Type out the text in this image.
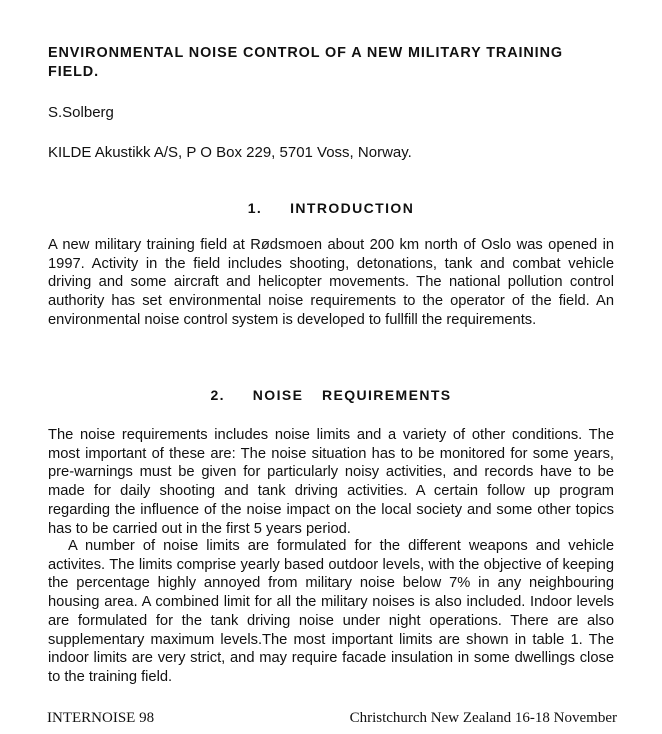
ENVIRONMENTAL NOISE CONTROL OF A NEW MILITARY TRAINING FIELD.
S.Solberg
KILDE Akustikk A/S, P O Box 229, 5701 Voss, Norway.
1.   INTRODUCTION

A new military training field at Rødsmoen about 200 km north of Oslo was opened in 1997. Activity in the field includes shooting, detonations, tank and combat vehicle driving and some aircraft and helicopter movements. The national pollution control authority has set environmental noise requirements to the operator of the field. An environmental noise control system is developed to fullfill the requirements.

2.   NOISE  REQUIREMENTS

The noise requirements includes noise limits and a variety of other conditions. The most important of these are: The noise situation has to be monitored for some years, pre-warnings must be given for particularly noisy activities, and records have to be made for daily shooting and tank driving activities. A certain follow up program regarding the influence of the noise impact on the local society and some other topics has to be carried out in the first 5 years period.

A number of noise limits are formulated for the different weapons and vehicle activites. The limits comprise yearly based outdoor levels, with the objective of keeping the percentage highly annoyed from military noise below 7% in any neighbouring housing area. A combined limit for all the military noises is also included. Indoor levels are formulated for the tank driving noise under night operations. There are also supplementary maximum levels.The most important limits are shown in table 1. The indoor limits are very strict, and may require facade insulation in some dwellings close to the training field.

INTERNOISE 98	Christchurch New Zealand 16-18 November
